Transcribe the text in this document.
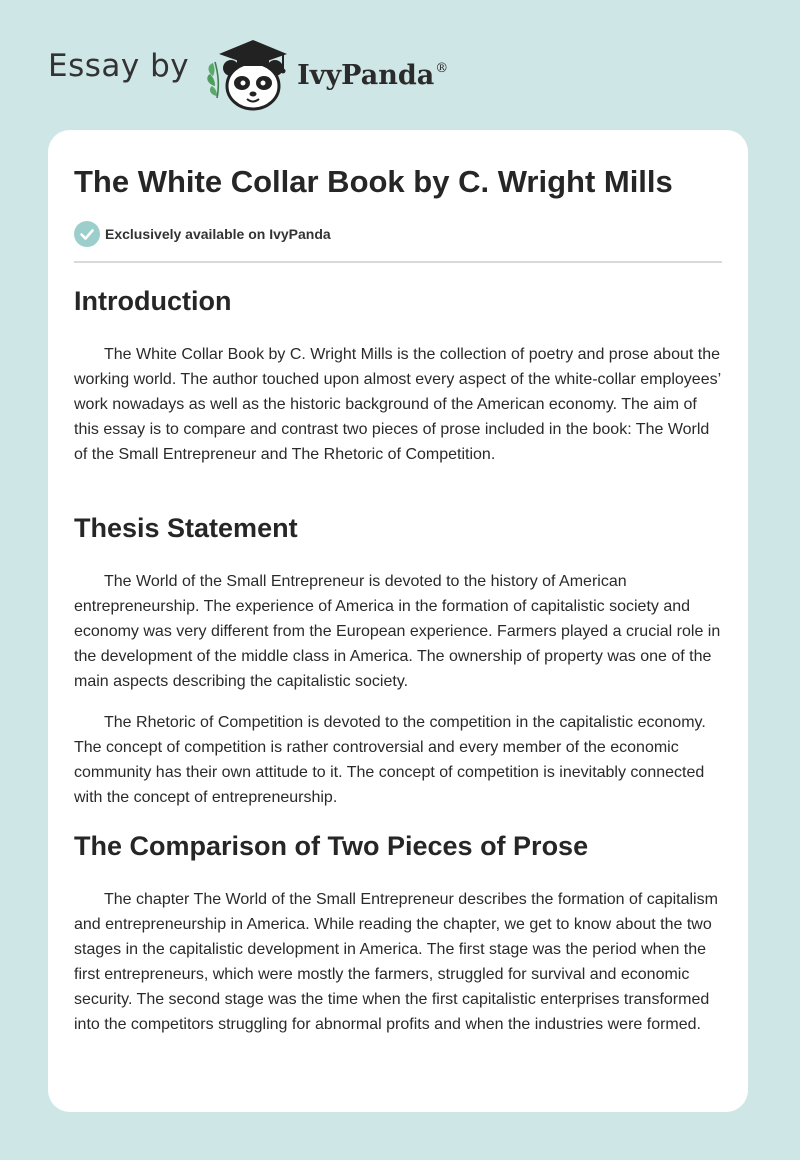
Essay by	IvyPanda®
The White Collar Book by C. Wright Mills
Exclusively available on IvyPanda
Introduction

The White Collar Book by C. Wright Mills is the collection of poetry and prose about the working world. The author touched upon almost every aspect of the white-collar employees’ work nowadays as well as the historic background of the American economy. The aim of this essay is to compare and contrast two pieces of prose included in the book: The World of the Small Entrepreneur and The Rhetoric of Competition.

Thesis Statement

The World of the Small Entrepreneur is devoted to the history of American entrepreneurship. The experience of America in the formation of capitalistic society and economy was very different from the European experience. Farmers played a crucial role in the development of the middle class in America. The ownership of property was one of the main aspects describing the capitalistic society.

The Rhetoric of Competition is devoted to the competition in the capitalistic economy. The concept of competition is rather controversial and every member of the economic community has their own attitude to it. The concept of competition is inevitably connected with the concept of entrepreneurship.

The Comparison of Two Pieces of Prose

The chapter The World of the Small Entrepreneur describes the formation of capitalism and entrepreneurship in America. While reading the chapter, we get to know about the two stages in the capitalistic development in America. The first stage was the period when the first entrepreneurs, which were mostly the farmers, struggled for survival and economic security. The second stage was the time when the first capitalistic enterprises transformed into the competitors struggling for abnormal profits and when the industries were formed.
